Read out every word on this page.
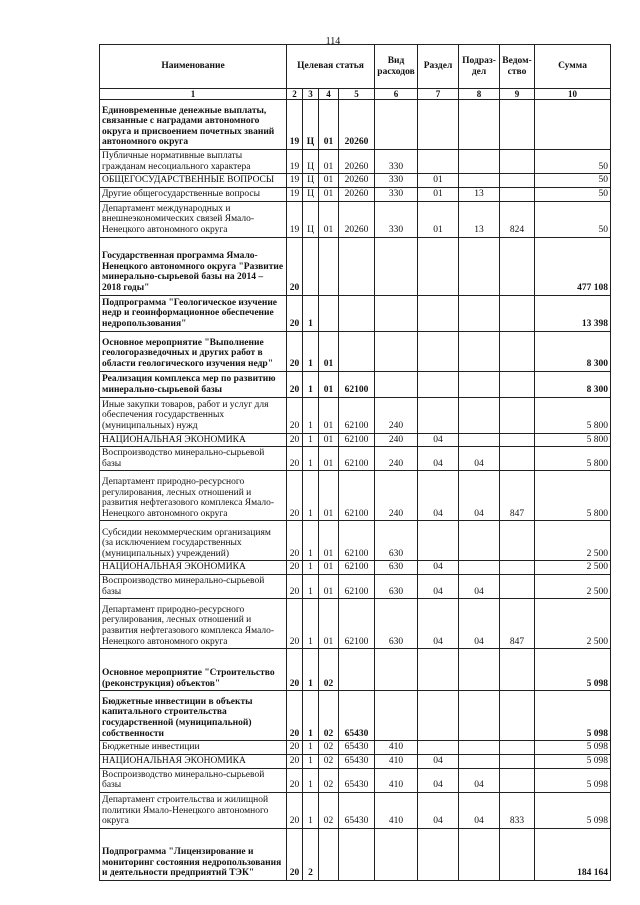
114
Наименование	Целевая статья				Вид расходов	Раздел	Подраз-дел	Ведом-ство	Сумма
1	2	3	4	5	6	7	8	9	10
Единовременные денежные выплаты, связанные с наградами автономного округа и присвоением почетных званий автономного округа	19	Ц	01	20260					
Публичные нормативные выплаты гражданам несоциального характера	19	Ц	01	20260	330				50
ОБЩЕГОСУДАРСТВЕННЫЕ ВОПРОСЫ	19	Ц	01	20260	330	01			50
Другие общегосударственные вопросы	19	Ц	01	20260	330	01	13		50
Департамент международных и внешнеэкономических связей Ямало-Ненецкого автономного округа	19	Ц	01	20260	330	01	13	824	50
Государственная программа Ямало-Ненецкого автономного округа "Развитие минерально-сырьевой базы на 2014 – 2018 годы"	20								477 108
Подпрограмма "Геологическое изучение недр и геоинформационное обеспечение недропользования"	20	1							13 398
Основное мероприятие "Выполнение геологоразведочных и других работ в области геологического изучения недр"	20	1	01						8 300
Реализация комплекса мер по развитию минерально-сырьевой базы	20	1	01	62100					8 300
Иные закупки товаров, работ и услуг для обеспечения государственных (муниципальных) нужд	20	1	01	62100	240				5 800
НАЦИОНАЛЬНАЯ ЭКОНОМИКА	20	1	01	62100	240	04			5 800
Воспроизводство минерально-сырьевой базы	20	1	01	62100	240	04	04		5 800
Департамент природно-ресурсного регулирования, лесных отношений и развития нефтегазового комплекса Ямало-Ненецкого автономного округа	20	1	01	62100	240	04	04	847	5 800
Субсидии некоммерческим организациям (за исключением государственных (муниципальных) учреждений)	20	1	01	62100	630				2 500
НАЦИОНАЛЬНАЯ ЭКОНОМИКА	20	1	01	62100	630	04			2 500
Воспроизводство минерально-сырьевой базы	20	1	01	62100	630	04	04		2 500
Департамент природно-ресурсного регулирования, лесных отношений и развития нефтегазового комплекса Ямало-Ненецкого автономного округа	20	1	01	62100	630	04	04	847	2 500
Основное мероприятие "Строительство (реконструкция) объектов"	20	1	02						5 098
Бюджетные инвестиции в объекты капитального строительства государственной (муниципальной) собственности	20	1	02	65430					5 098
Бюджетные инвестиции	20	1	02	65430	410				5 098
НАЦИОНАЛЬНАЯ ЭКОНОМИКА	20	1	02	65430	410	04			5 098
Воспроизводство минерально-сырьевой базы	20	1	02	65430	410	04	04		5 098
Департамент строительства и жилищной политики Ямало-Ненецкого автономного округа	20	1	02	65430	410	04	04	833	5 098
Подпрограмма "Лицензирование и мониторинг состояния недропользования и деятельности предприятий ТЭК"	20	2							184 164
